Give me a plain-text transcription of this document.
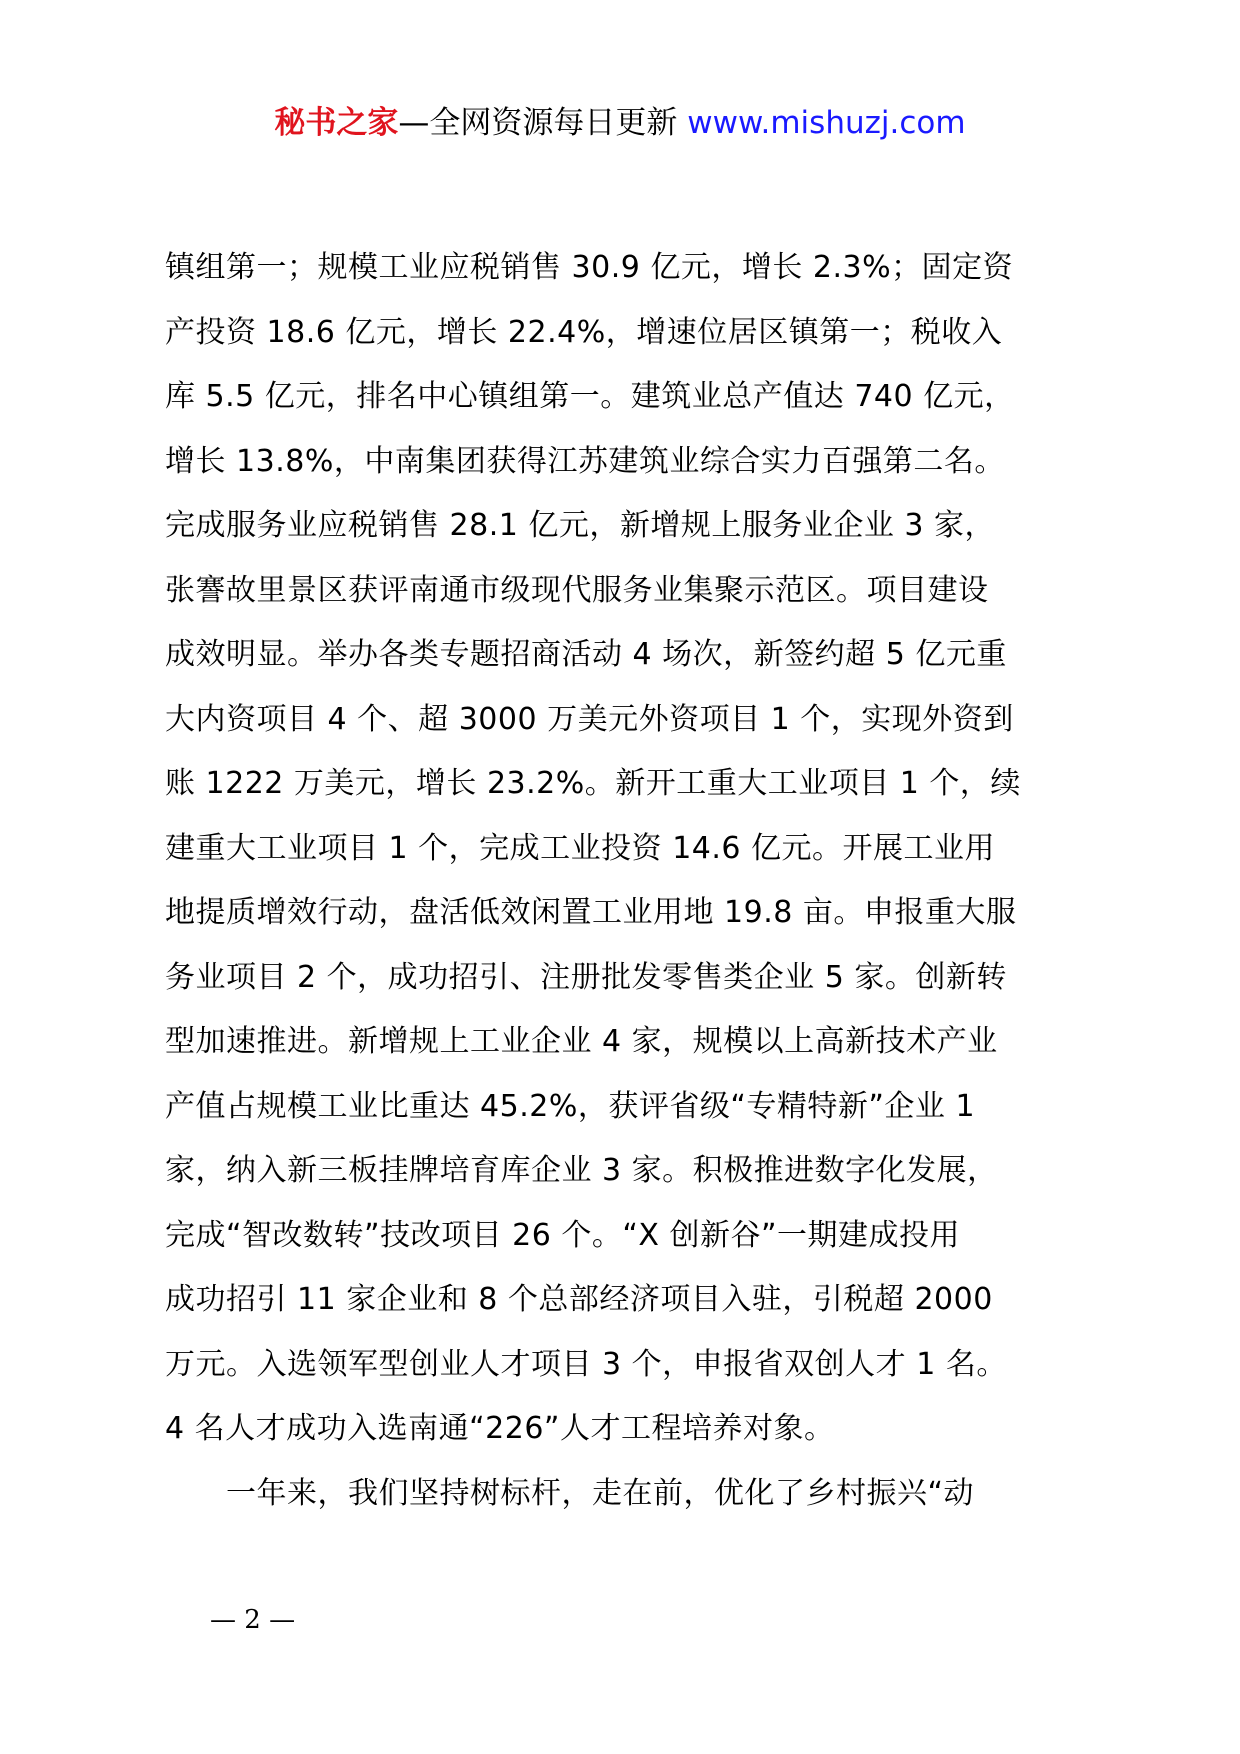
秘书之家—全网资源每日更新 www.mishuzj.com
镇组第一；规模工业应税销售 30.9 亿元，增长 2.3%；固定资
产投资 18.6 亿元，增长 22.4%，增速位居区镇第一；税收入
库 5.5 亿元，排名中心镇组第一。建筑业总产值达 740 亿元，
增长 13.8%，中南集团获得江苏建筑业综合实力百强第二名。
完成服务业应税销售 28.1 亿元，新增规上服务业企业 3 家，
张謇故里景区获评南通市级现代服务业集聚示范区。项目建设
成效明显。举办各类专题招商活动 4 场次，新签约超 5 亿元重
大内资项目 4 个、超 3000 万美元外资项目 1 个，实现外资到
账 1222 万美元，增长 23.2%。新开工重大工业项目 1 个，续
建重大工业项目 1 个，完成工业投资 14.6 亿元。开展工业用
地提质增效行动，盘活低效闲置工业用地 19.8 亩。申报重大服
务业项目 2 个，成功招引、注册批发零售类企业 5 家。创新转
型加速推进。新增规上工业企业 4 家，规模以上高新技术产业
产值占规模工业比重达 45.2%，获评省级“专精特新”企业 1
家，纳入新三板挂牌培育库企业 3 家。积极推进数字化发展，
完成“智改数转”技改项目 26 个。“X 创新谷”一期建成投用
成功招引 11 家企业和 8 个总部经济项目入驻，引税超 2000
万元。入选领军型创业人才项目 3 个，申报省双创人才 1 名。
4 名人才成功入选南通“226”人才工程培养对象。
　　一年来，我们坚持树标杆，走在前，优化了乡村振兴“动
— 2 —
